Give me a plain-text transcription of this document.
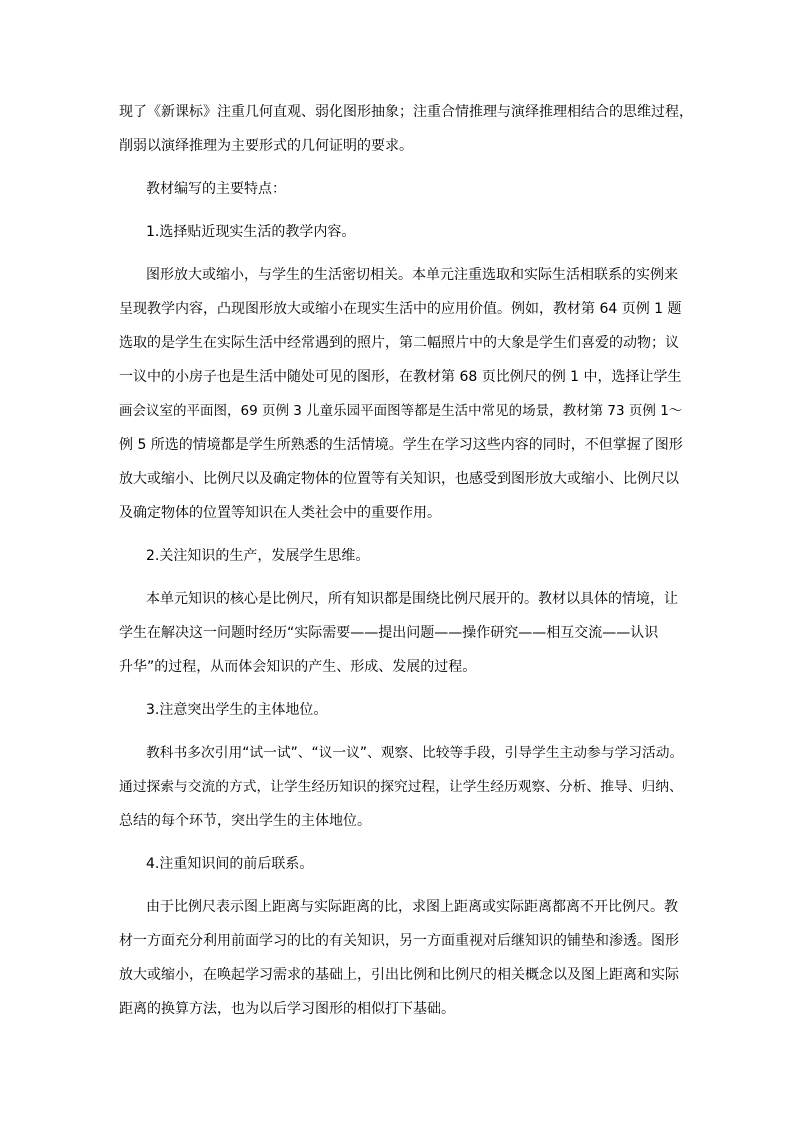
现了《新课标》注重几何直观、弱化图形抽象；注重合情推理与演绎推理相结合的思维过程，
削弱以演绎推理为主要形式的几何证明的要求。
教材编写的主要特点：
1.选择贴近现实生活的教学内容。
图形放大或缩小，与学生的生活密切相关。本单元注重选取和实际生活相联系的实例来
呈现教学内容，凸现图形放大或缩小在现实生活中的应用价值。例如，教材第 64 页例 1 题
选取的是学生在实际生活中经常遇到的照片，第二幅照片中的大象是学生们喜爱的动物；议
一议中的小房子也是生活中随处可见的图形，在教材第 68 页比例尺的例 1 中，选择让学生
画会议室的平面图，69 页例 3 儿童乐园平面图等都是生活中常见的场景，教材第 73 页例 1～
例 5 所选的情境都是学生所熟悉的生活情境。学生在学习这些内容的同时，不但掌握了图形
放大或缩小、比例尺以及确定物体的位置等有关知识，也感受到图形放大或缩小、比例尺以
及确定物体的位置等知识在人类社会中的重要作用。
2.关注知识的生产，发展学生思维。
本单元知识的核心是比例尺，所有知识都是围绕比例尺展开的。教材以具体的情境，让
学生在解决这一问题时经历“实际需要——提出问题——操作研究——相互交流——认识
升华”的过程，从而体会知识的产生、形成、发展的过程。
3.注意突出学生的主体地位。
教科书多次引用“试一试”、“议一议”、观察、比较等手段，引导学生主动参与学习活动。
通过探索与交流的方式，让学生经历知识的探究过程，让学生经历观察、分析、推导、归纳、
总结的每个环节，突出学生的主体地位。
4.注重知识间的前后联系。
由于比例尺表示图上距离与实际距离的比，求图上距离或实际距离都离不开比例尺。教
材一方面充分利用前面学习的比的有关知识，另一方面重视对后继知识的铺垫和渗透。图形
放大或缩小，在唤起学习需求的基础上，引出比例和比例尺的相关概念以及图上距离和实际
距离的换算方法，也为以后学习图形的相似打下基础。
